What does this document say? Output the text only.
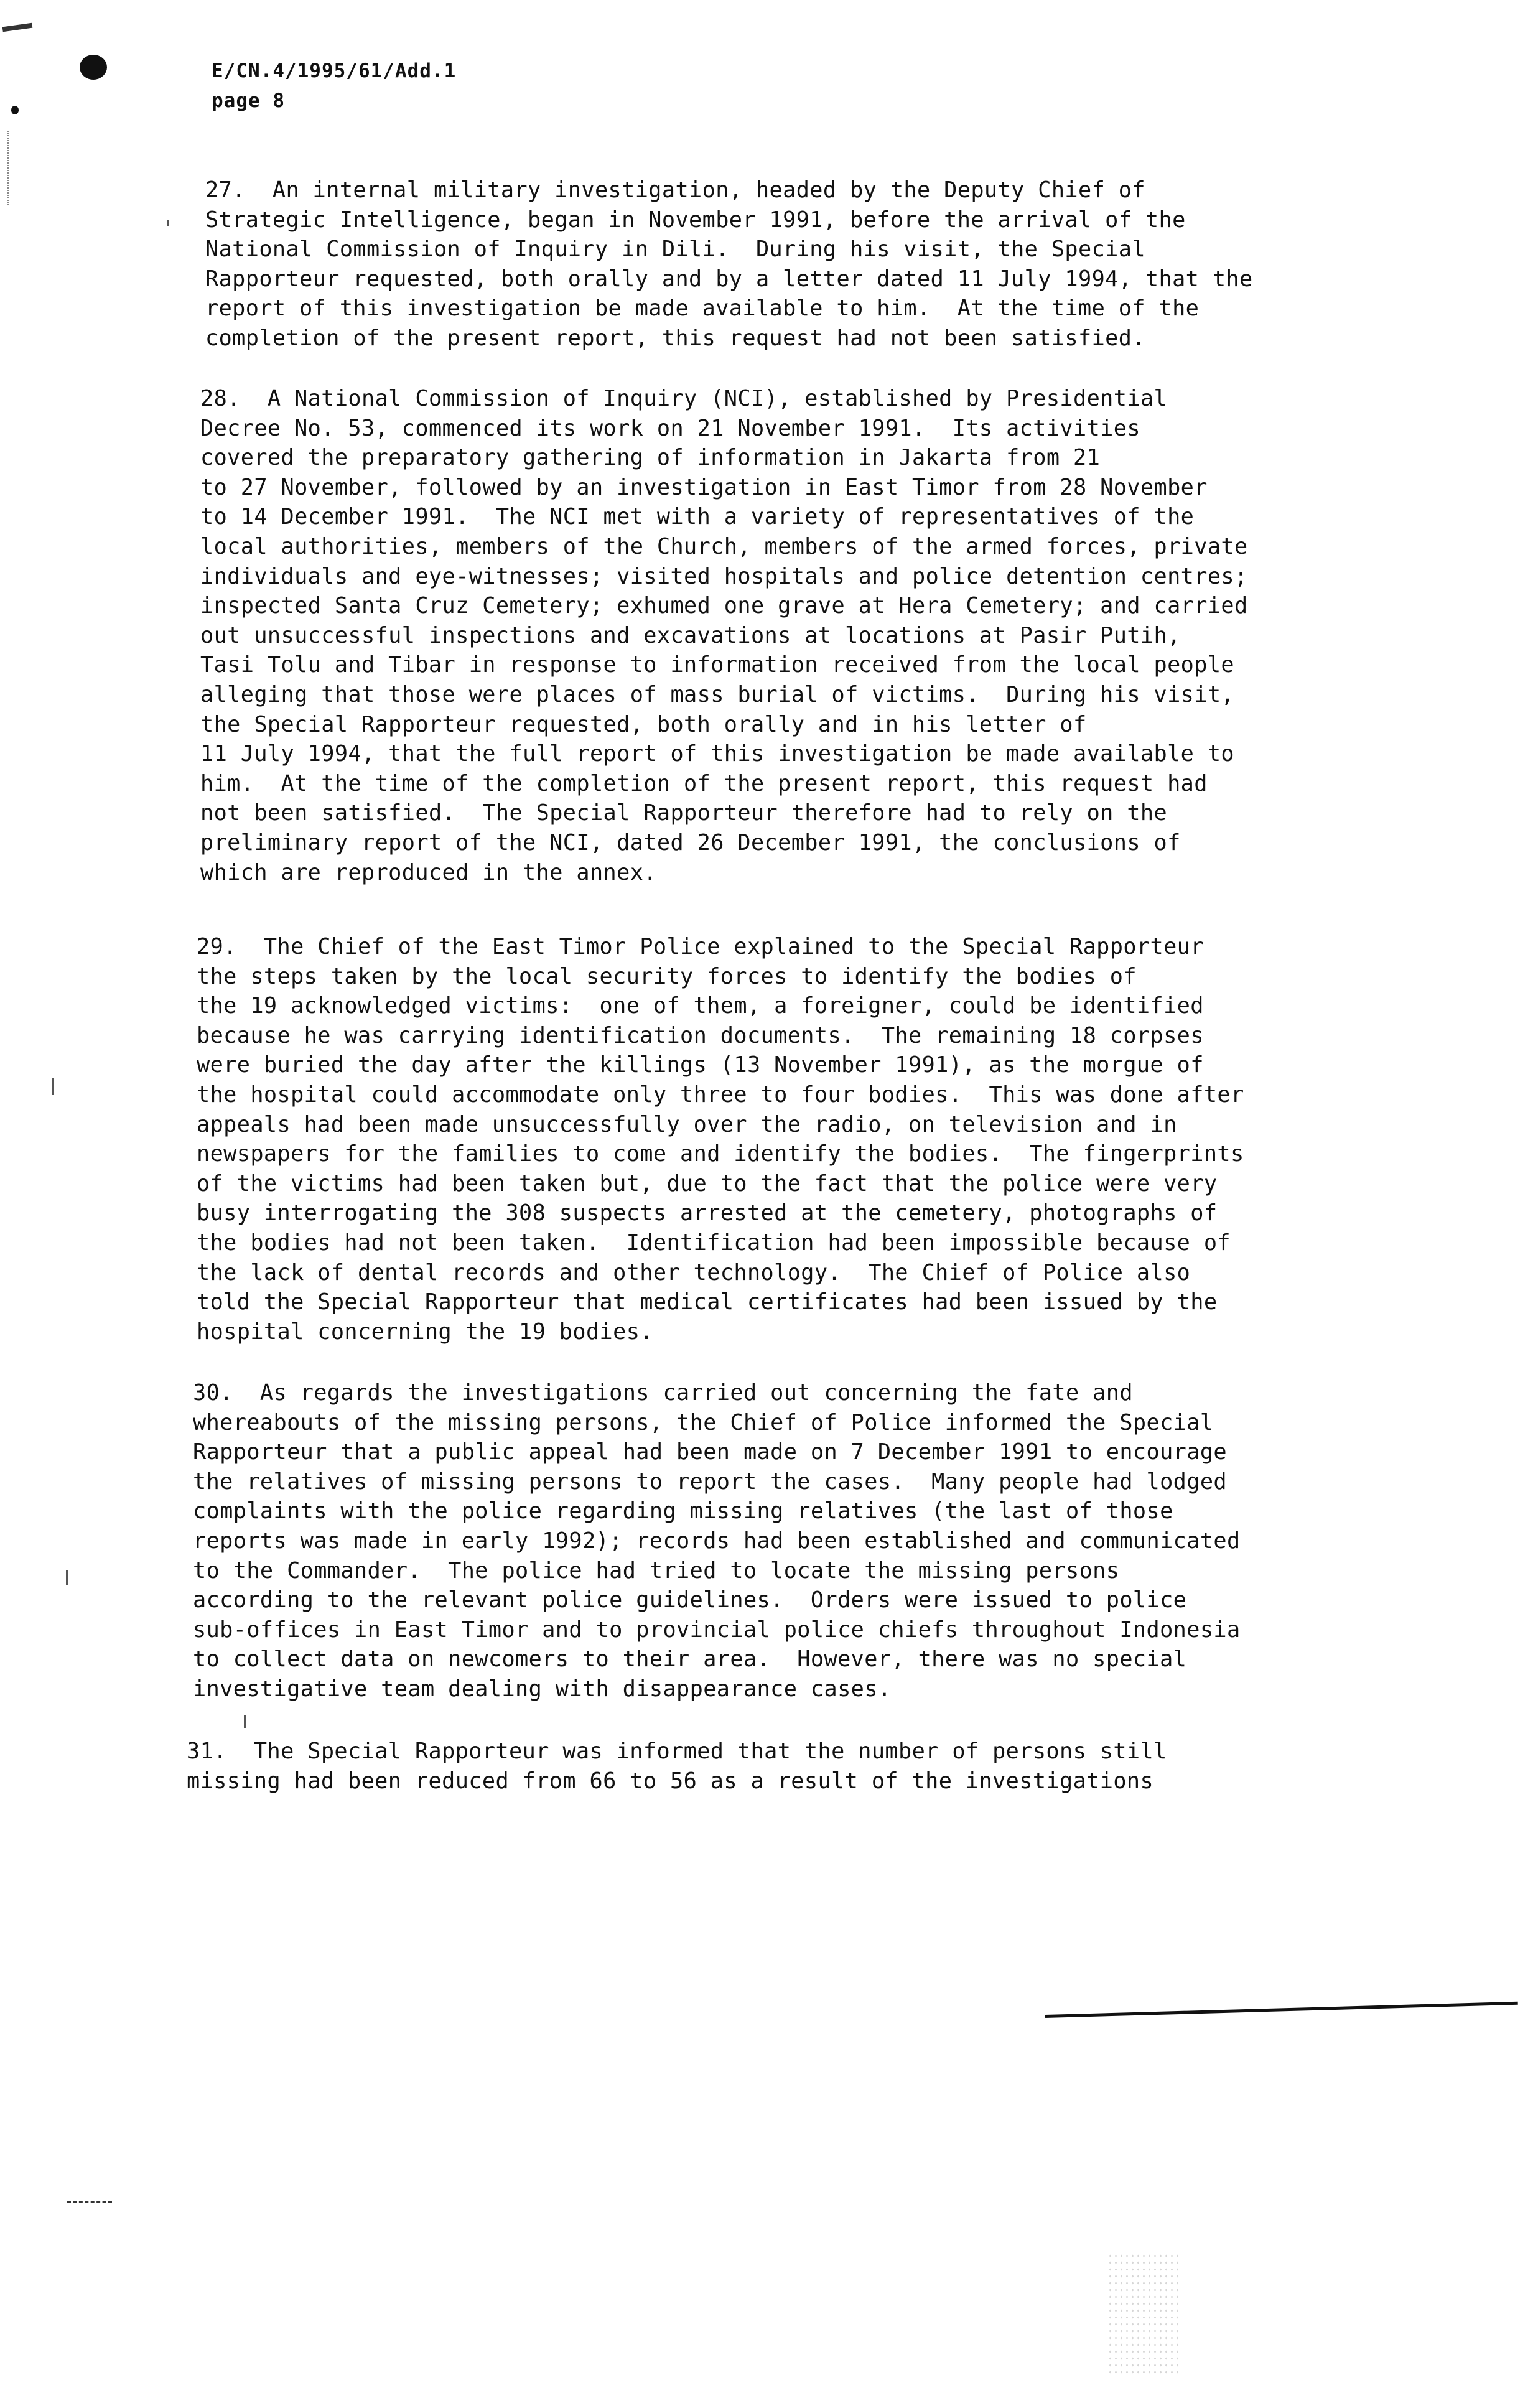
E/CN.4/1995/61/Add.1
page 8
27.  An internal military investigation, headed by the Deputy Chief of
Strategic Intelligence, began in November 1991, before the arrival of the
National Commission of Inquiry in Dili.  During his visit, the Special
Rapporteur requested, both orally and by a letter dated 11 July 1994, that the
report of this investigation be made available to him.  At the time of the
completion of the present report, this request had not been satisfied.
28.  A National Commission of Inquiry (NCI), established by Presidential
Decree No. 53, commenced its work on 21 November 1991.  Its activities
covered the preparatory gathering of information in Jakarta from 21
to 27 November, followed by an investigation in East Timor from 28 November
to 14 December 1991.  The NCI met with a variety of representatives of the
local authorities, members of the Church, members of the armed forces, private
individuals and eye-witnesses; visited hospitals and police detention centres;
inspected Santa Cruz Cemetery; exhumed one grave at Hera Cemetery; and carried
out unsuccessful inspections and excavations at locations at Pasir Putih,
Tasi Tolu and Tibar in response to information received from the local people
alleging that those were places of mass burial of victims.  During his visit,
the Special Rapporteur requested, both orally and in his letter of
11 July 1994, that the full report of this investigation be made available to
him.  At the time of the completion of the present report, this request had
not been satisfied.  The Special Rapporteur therefore had to rely on the
preliminary report of the NCI, dated 26 December 1991, the conclusions of
which are reproduced in the annex.
29.  The Chief of the East Timor Police explained to the Special Rapporteur
the steps taken by the local security forces to identify the bodies of
the 19 acknowledged victims:  one of them, a foreigner, could be identified
because he was carrying identification documents.  The remaining 18 corpses
were buried the day after the killings (13 November 1991), as the morgue of
the hospital could accommodate only three to four bodies.  This was done after
appeals had been made unsuccessfully over the radio, on television and in
newspapers for the families to come and identify the bodies.  The fingerprints
of the victims had been taken but, due to the fact that the police were very
busy interrogating the 308 suspects arrested at the cemetery, photographs of
the bodies had not been taken.  Identification had been impossible because of
the lack of dental records and other technology.  The Chief of Police also
told the Special Rapporteur that medical certificates had been issued by the
hospital concerning the 19 bodies.
30.  As regards the investigations carried out concerning the fate and
whereabouts of the missing persons, the Chief of Police informed the Special
Rapporteur that a public appeal had been made on 7 December 1991 to encourage
the relatives of missing persons to report the cases.  Many people had lodged
complaints with the police regarding missing relatives (the last of those
reports was made in early 1992); records had been established and communicated
to the Commander.  The police had tried to locate the missing persons
according to the relevant police guidelines.  Orders were issued to police
sub-offices in East Timor and to provincial police chiefs throughout Indonesia
to collect data on newcomers to their area.  However, there was no special
investigative team dealing with disappearance cases.
31.  The Special Rapporteur was informed that the number of persons still
missing had been reduced from 66 to 56 as a result of the investigations
